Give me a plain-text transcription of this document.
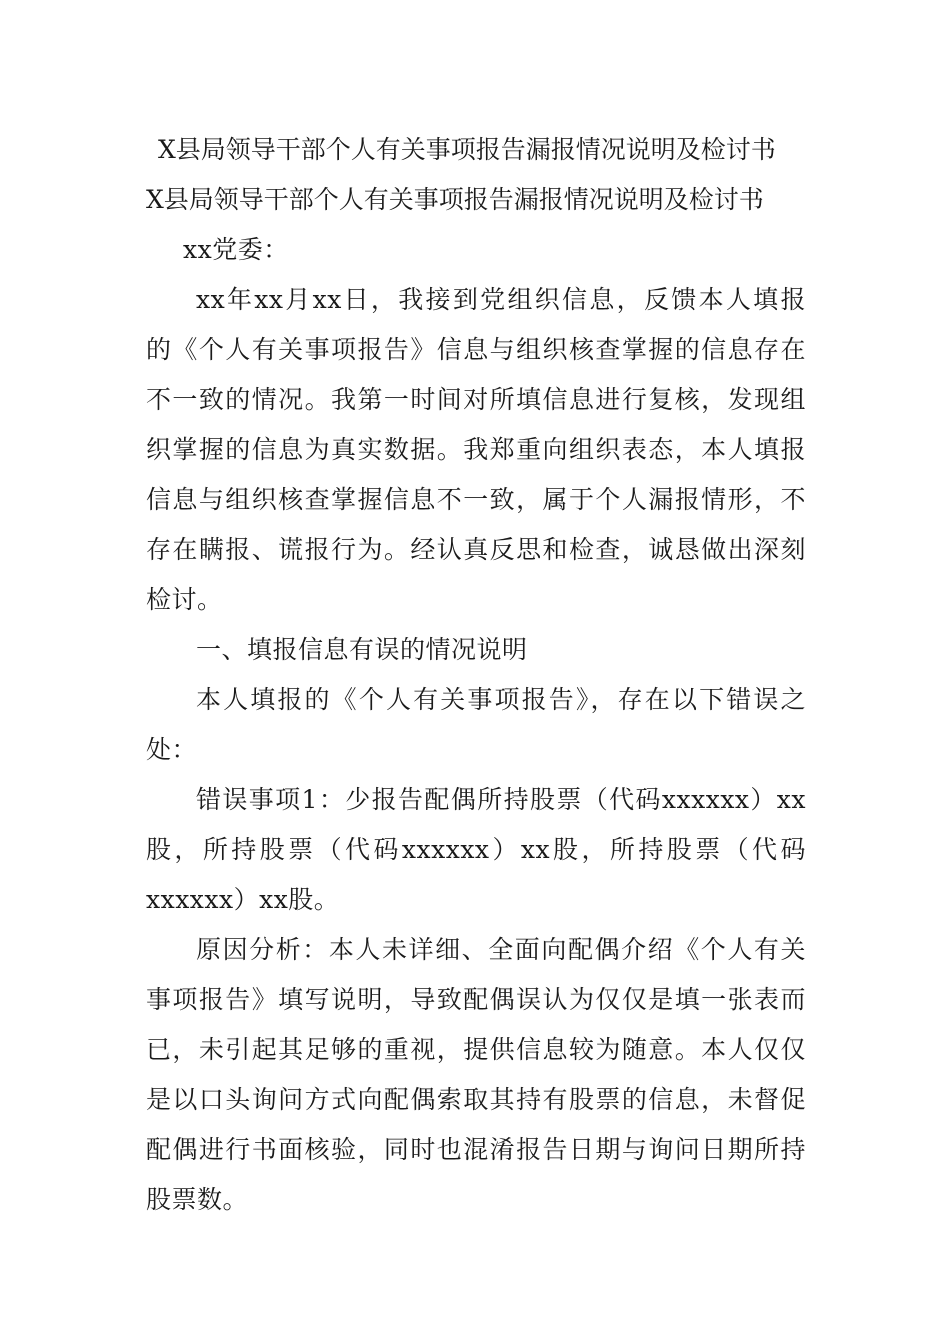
X县局领导干部个人有关事项报告漏报情况说明及检讨书
X县局领导干部个人有关事项报告漏报情况说明及检讨书
xx党委：
xx年xx月xx日，我接到党组织信息，反馈本人填报
的《个人有关事项报告》信息与组织核查掌握的信息存在
不一致的情况。我第一时间对所填信息进行复核，发现组
织掌握的信息为真实数据。我郑重向组织表态，本人填报
信息与组织核查掌握信息不一致，属于个人漏报情形，不
存在瞒报、谎报行为。经认真反思和检查，诚恳做出深刻
检讨。
一、填报信息有误的情况说明
本人填报的《个人有关事项报告》，存在以下错误之
处：
错误事项1：少报告配偶所持股票（代码xxxxxx）xx
股，所持股票（代码xxxxxx）xx股，所持股票（代码
xxxxxx）xx股。
原因分析：本人未详细、全面向配偶介绍《个人有关
事项报告》填写说明，导致配偶误认为仅仅是填一张表而
已，未引起其足够的重视，提供信息较为随意。本人仅仅
是以口头询问方式向配偶索取其持有股票的信息，未督促
配偶进行书面核验，同时也混淆报告日期与询问日期所持
股票数。
